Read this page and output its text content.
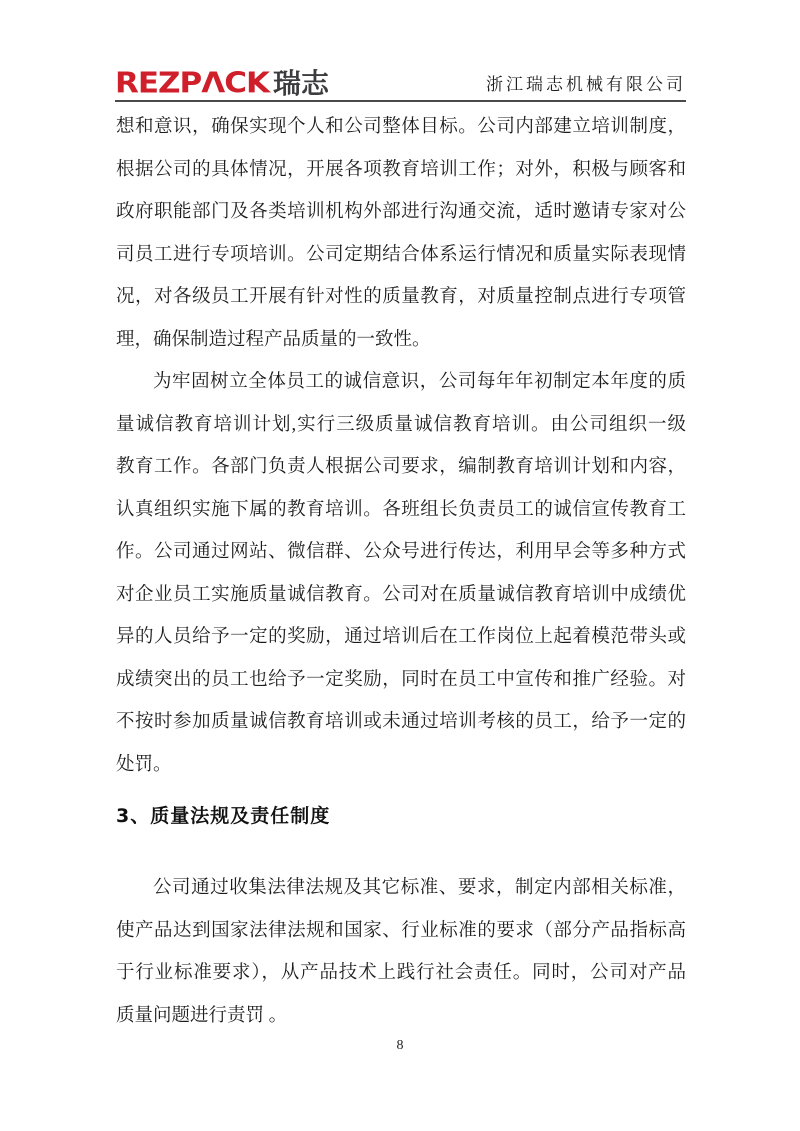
REZPΛCK 瑞志	浙江瑞志机械有限公司
想和意识，确保实现个人和公司整体目标。公司内部建立培训制度，
根据公司的具体情况，开展各项教育培训工作；对外，积极与顾客和
政府职能部门及各类培训机构外部进行沟通交流，适时邀请专家对公
司员工进行专项培训。公司定期结合体系运行情况和质量实际表现情
况，对各级员工开展有针对性的质量教育，对质量控制点进行专项管
理，确保制造过程产品质量的一致性。
为牢固树立全体员工的诚信意识，公司每年年初制定本年度的质
量诚信教育培训计划,实行三级质量诚信教育培训。由公司组织一级
教育工作。各部门负责人根据公司要求，编制教育培训计划和内容，
认真组织实施下属的教育培训。各班组长负责员工的诚信宣传教育工
作。公司通过网站、微信群、公众号进行传达，利用早会等多种方式
对企业员工实施质量诚信教育。公司对在质量诚信教育培训中成绩优
异的人员给予一定的奖励，通过培训后在工作岗位上起着模范带头或
成绩突出的员工也给予一定奖励，同时在员工中宣传和推广经验。对
不按时参加质量诚信教育培训或未通过培训考核的员工，给予一定的
处罚。
3、质量法规及责任制度
公司通过收集法律法规及其它标准、要求，制定内部相关标准，
使产品达到国家法律法规和国家、行业标准的要求（部分产品指标高
于行业标准要求），从产品技术上践行社会责任。同时，公司对产品
质量问题进行责罚 。
8
